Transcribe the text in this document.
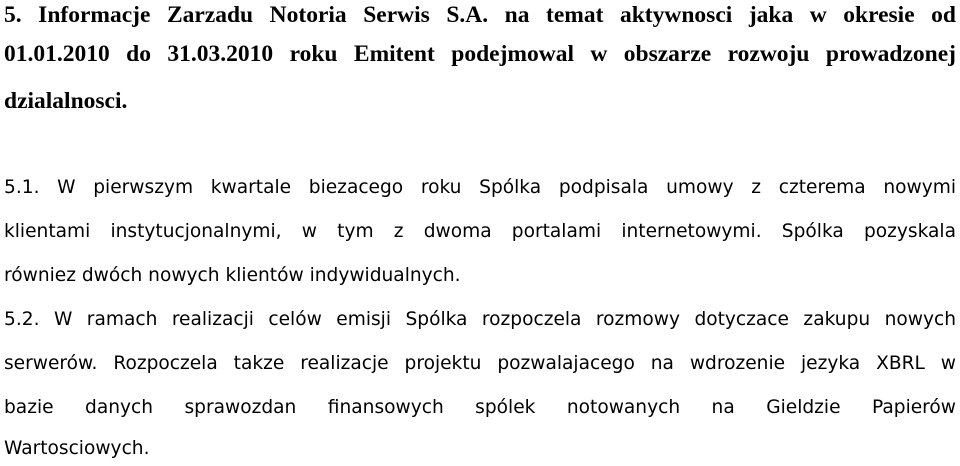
5. Informacje Zarzadu Notoria Serwis S.A. na temat aktywnosci jaka w okresie od
01.01.2010 do 31.03.2010 roku Emitent podejmowal w obszarze rozwoju prowadzonej
dzialalnosci.
5.1. W pierwszym kwartale biezacego roku Spólka podpisala umowy z czterema nowymi
klientami instytucjonalnymi, w tym z dwoma portalami internetowymi. Spólka pozyskala
równiez dwóch nowych klientów indywidualnych.
5.2. W ramach realizacji celów emisji Spólka rozpoczela rozmowy dotyczace zakupu nowych
serwerów. Rozpoczela takze realizacje projektu pozwalajacego na wdrozenie jezyka XBRL w
bazie danych sprawozdan finansowych spólek notowanych na Gieldzie Papierów
Wartosciowych.
